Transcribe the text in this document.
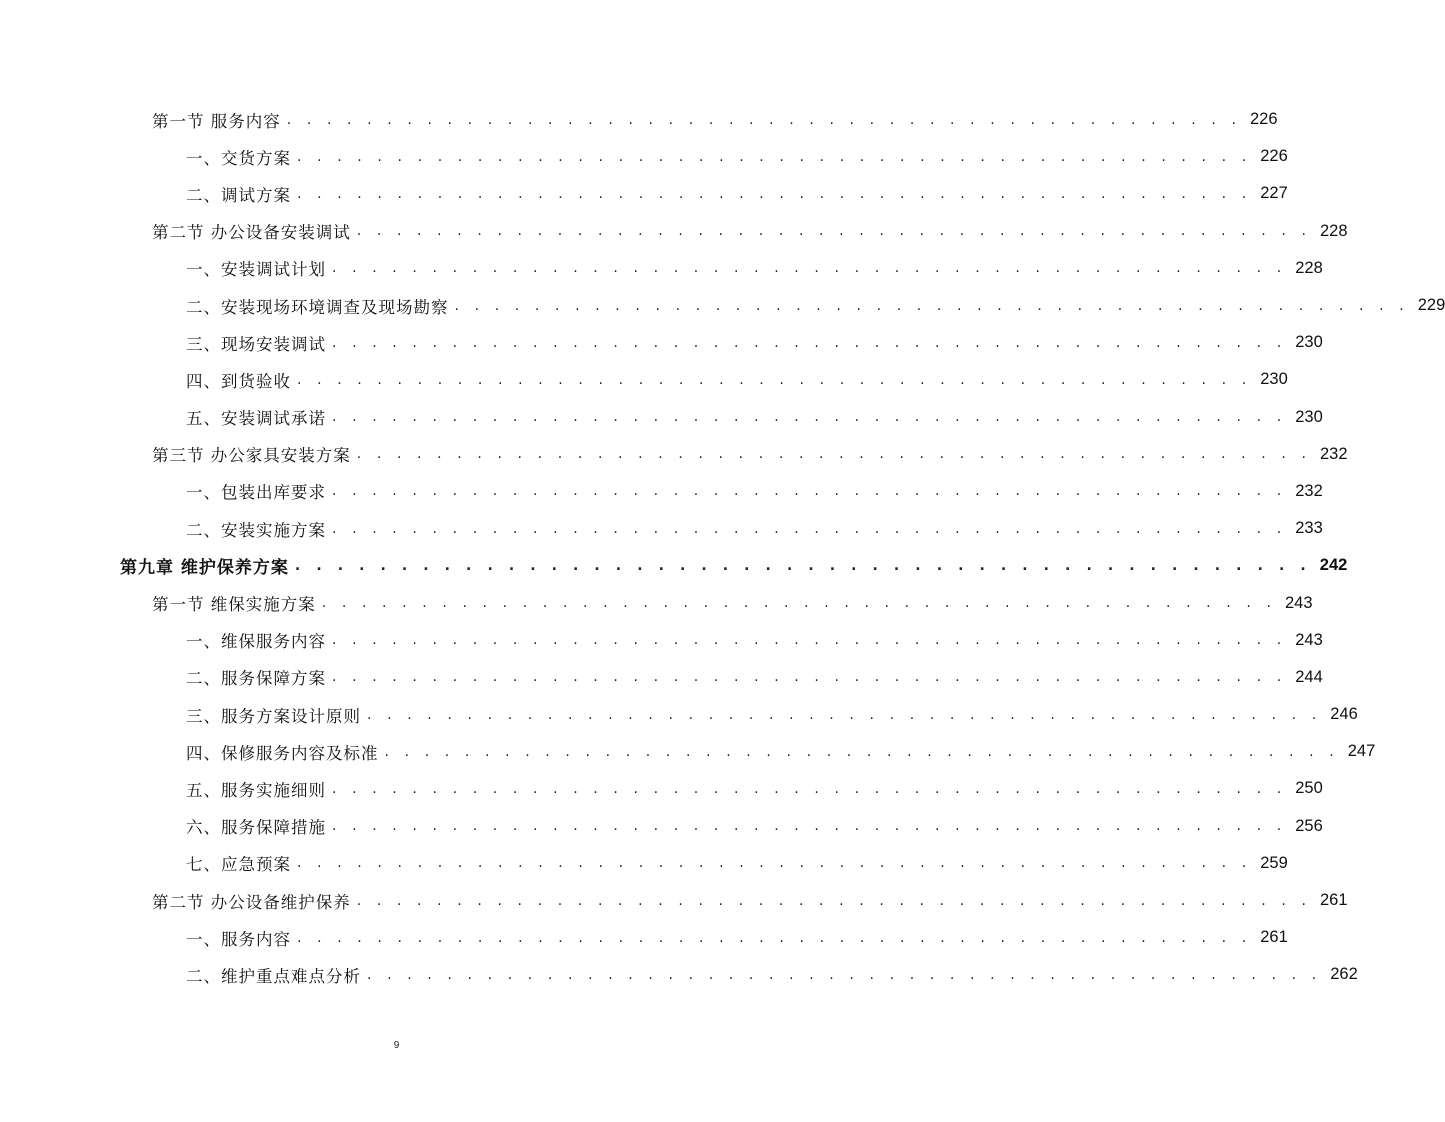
第一节 服务内容 . . . . . . . . . . . . . . . . . . . . . . . . . . . . . . . . . . . . . . . . . . . . . . . . 226
一、交货方案 . . . . . . . . . . . . . . . . . . . . . . . . . . . . . . . . . . . . . . . . . . . . . . . . 226
二、调试方案 . . . . . . . . . . . . . . . . . . . . . . . . . . . . . . . . . . . . . . . . . . . . . . . . 227
第二节 办公设备安装调试 . . . . . . . . . . . . . . . . . . . . . . . . . . . . . . . . . . . . . . . . . . . . . . . . 228
一、安装调试计划 . . . . . . . . . . . . . . . . . . . . . . . . . . . . . . . . . . . . . . . . . . . . . . . . 228
二、安装现场环境调查及现场勘察 . . . . . . . . . . . . . . . . . . . . . . . . . . . . . . . . . . . . . . . . . . . . . . . . 229
三、现场安装调试 . . . . . . . . . . . . . . . . . . . . . . . . . . . . . . . . . . . . . . . . . . . . . . . . 230
四、到货验收 . . . . . . . . . . . . . . . . . . . . . . . . . . . . . . . . . . . . . . . . . . . . . . . . 230
五、安装调试承诺 . . . . . . . . . . . . . . . . . . . . . . . . . . . . . . . . . . . . . . . . . . . . . . . . 230
第三节 办公家具安装方案 . . . . . . . . . . . . . . . . . . . . . . . . . . . . . . . . . . . . . . . . . . . . . . . . 232
一、包装出库要求 . . . . . . . . . . . . . . . . . . . . . . . . . . . . . . . . . . . . . . . . . . . . . . . . 232
二、安装实施方案 . . . . . . . . . . . . . . . . . . . . . . . . . . . . . . . . . . . . . . . . . . . . . . . . 233
第九章 维护保养方案 . . . . . . . . . . . . . . . . . . . . . . . . . . . . . . . . . . . . . . . . . . . . . . . . 242
第一节 维保实施方案 . . . . . . . . . . . . . . . . . . . . . . . . . . . . . . . . . . . . . . . . . . . . . . . . 243
一、维保服务内容 . . . . . . . . . . . . . . . . . . . . . . . . . . . . . . . . . . . . . . . . . . . . . . . . 243
二、服务保障方案 . . . . . . . . . . . . . . . . . . . . . . . . . . . . . . . . . . . . . . . . . . . . . . . . 244
三、服务方案设计原则 . . . . . . . . . . . . . . . . . . . . . . . . . . . . . . . . . . . . . . . . . . . . . . . . 246
四、保修服务内容及标准 . . . . . . . . . . . . . . . . . . . . . . . . . . . . . . . . . . . . . . . . . . . . . . . . 247
五、服务实施细则 . . . . . . . . . . . . . . . . . . . . . . . . . . . . . . . . . . . . . . . . . . . . . . . . 250
六、服务保障措施 . . . . . . . . . . . . . . . . . . . . . . . . . . . . . . . . . . . . . . . . . . . . . . . . 256
七、应急预案 . . . . . . . . . . . . . . . . . . . . . . . . . . . . . . . . . . . . . . . . . . . . . . . . 259
第二节 办公设备维护保养 . . . . . . . . . . . . . . . . . . . . . . . . . . . . . . . . . . . . . . . . . . . . . . . . 261
一、服务内容 . . . . . . . . . . . . . . . . . . . . . . . . . . . . . . . . . . . . . . . . . . . . . . . . 261
二、维护重点难点分析 . . . . . . . . . . . . . . . . . . . . . . . . . . . . . . . . . . . . . . . . . . . . . . . . 262
9
